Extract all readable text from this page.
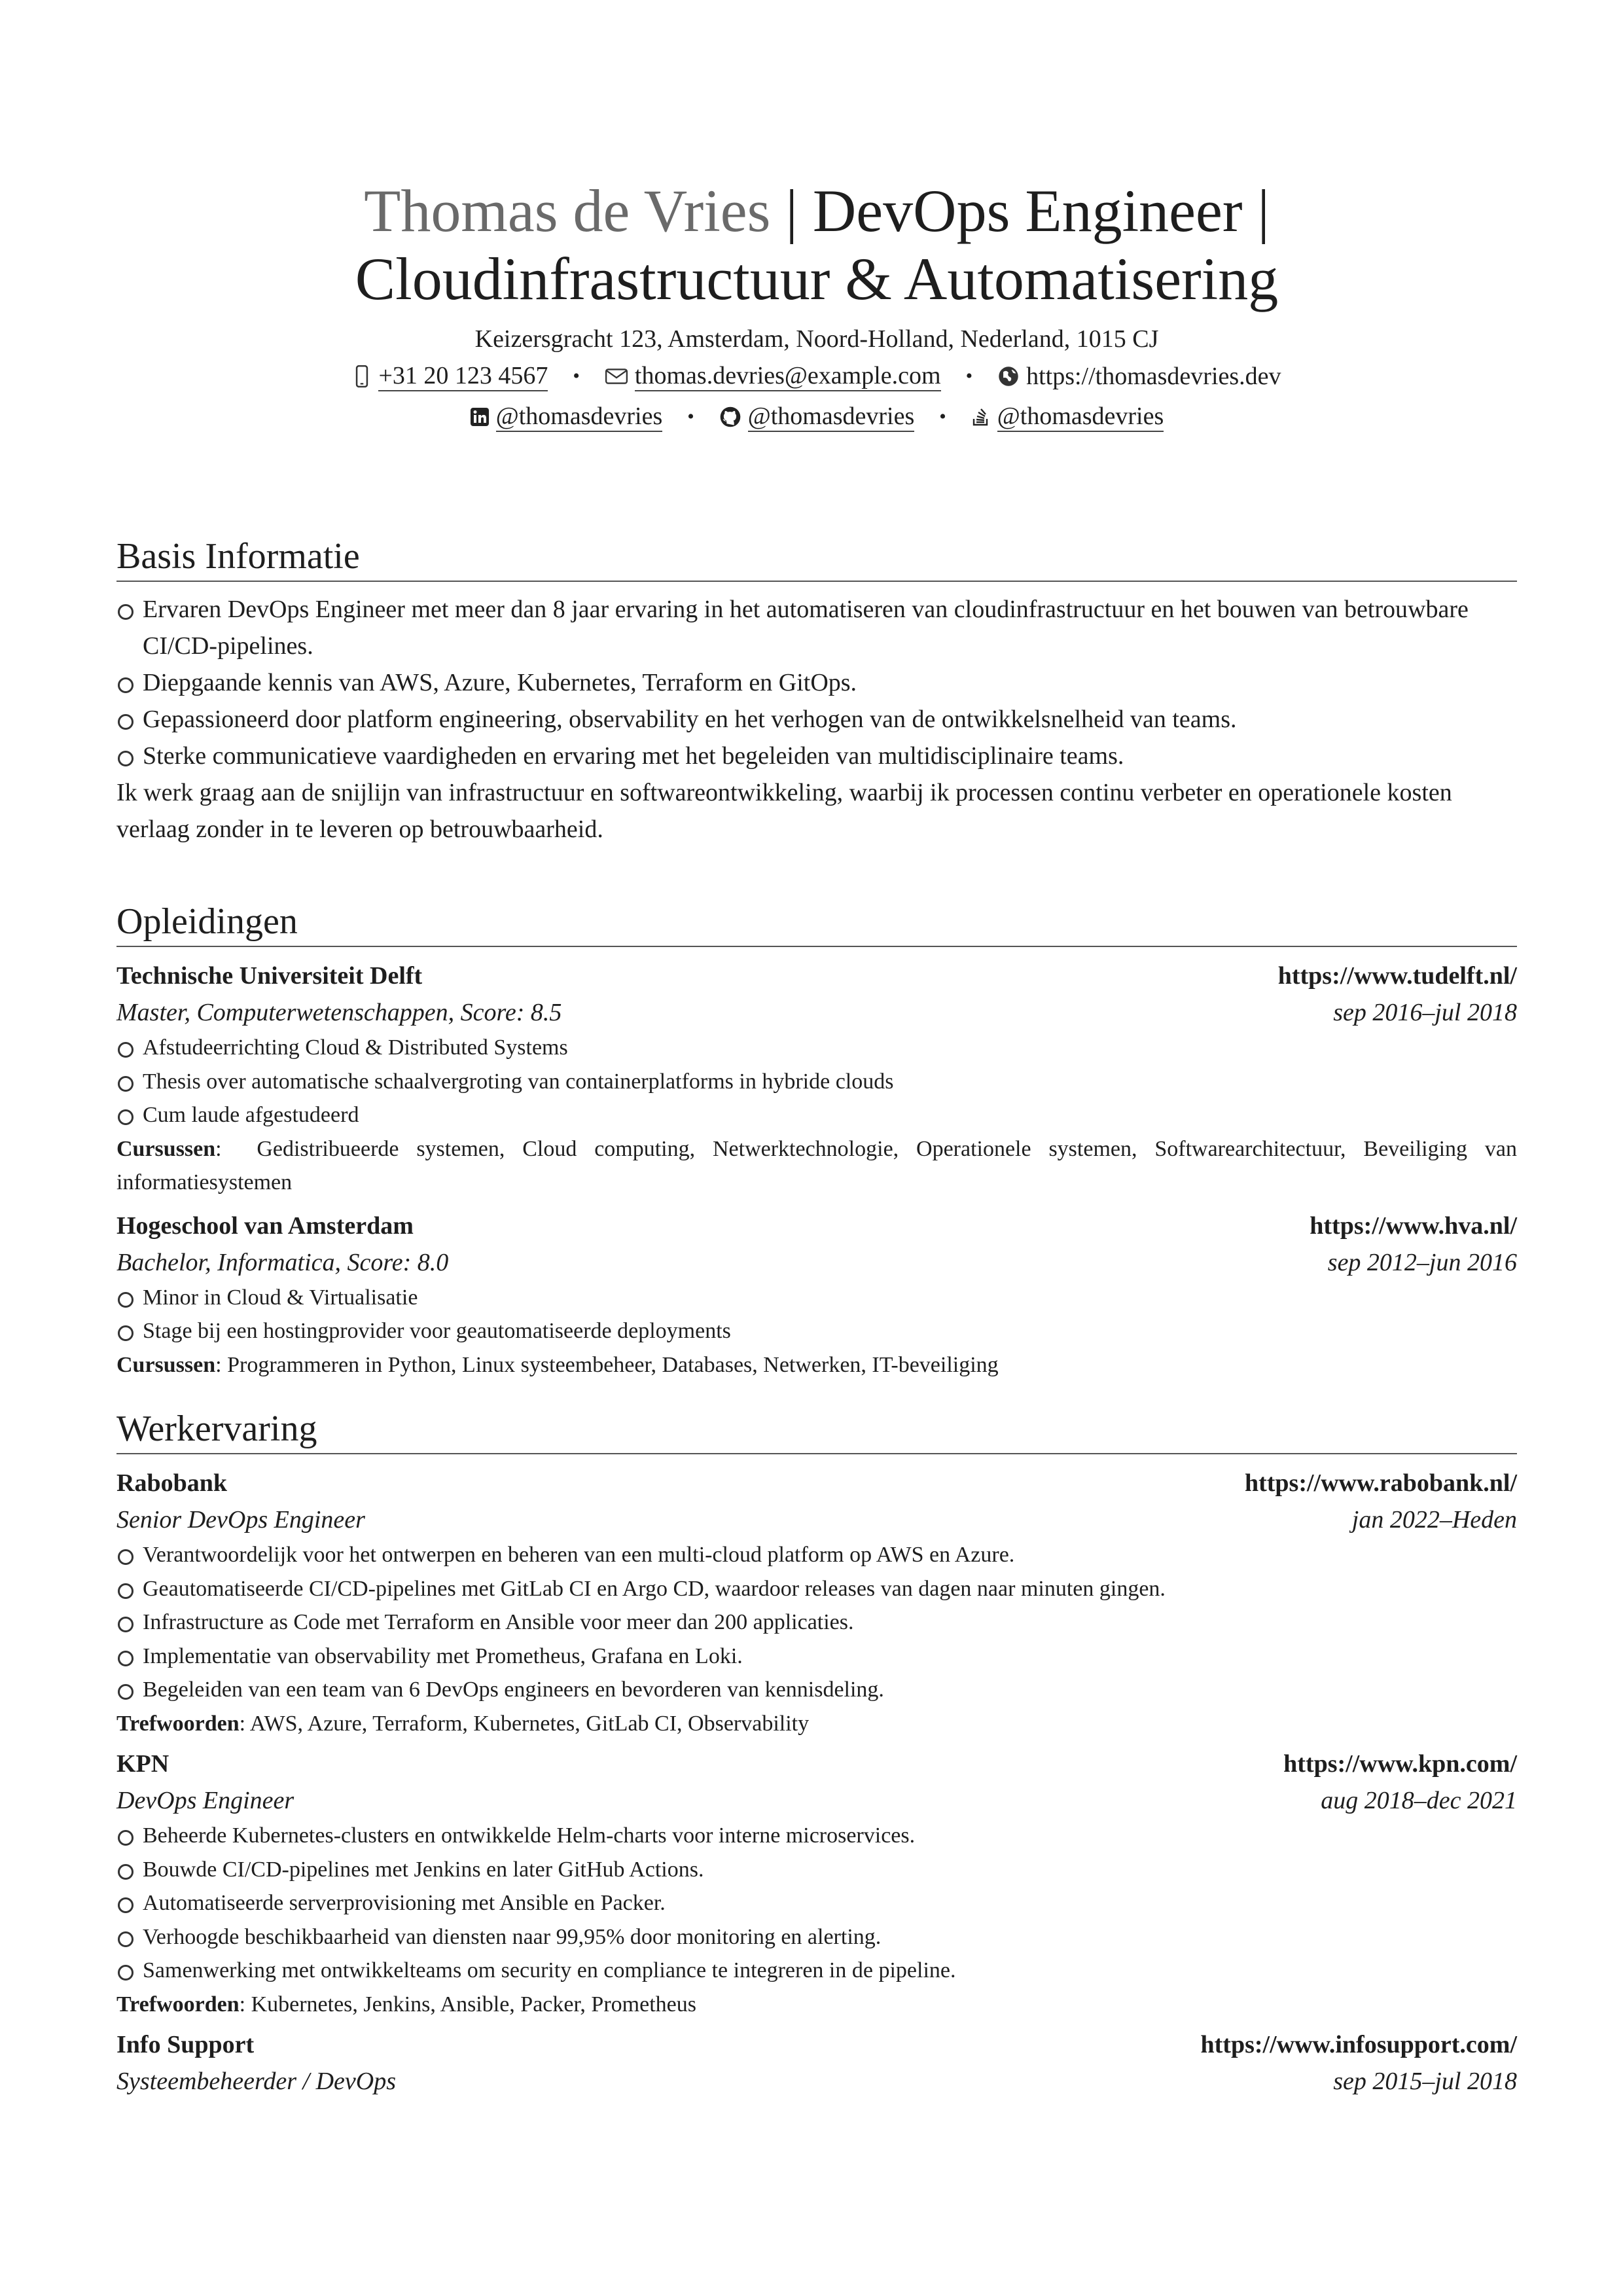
Thomas de Vries | DevOps Engineer |
Cloudinfrastructuur & Automatisering
Keizersgracht 123, Amsterdam, Noord-Holland, Nederland, 1015 CJ
+31 20 123 4567 • thomas.devries@example.com • https://thomasdevries.dev
@thomasdevries • @thomasdevries • @thomasdevries
Basis Informatie
Ervaren DevOps Engineer met meer dan 8 jaar ervaring in het automatiseren van cloudinfrastructuur en het bouwen van betrouwbare CI/CD-pipelines.
Diepgaande kennis van AWS, Azure, Kubernetes, Terraform en GitOps.
Gepassioneerd door platform engineering, observability en het verhogen van de ontwikkelsnelheid van teams.
Sterke communicatieve vaardigheden en ervaring met het begeleiden van multidisciplinaire teams.
Ik werk graag aan de snijlijn van infrastructuur en softwareontwikkeling, waarbij ik processen continu verbeter en operationele kosten verlaag zonder in te leveren op betrouwbaarheid.
Opleidingen
Technische Universiteit Delft	https://www.tudelft.nl/
Master, Computerwetenschappen, Score: 8.5	sep 2016–jul 2018
Afstudeerrichting Cloud & Distributed Systems
Thesis over automatische schaalvergroting van containerplatforms in hybride clouds
Cum laude afgestudeerd
Cursussen:  Gedistribueerde systemen, Cloud computing, Netwerktechnologie, Operationele systemen, Softwarearchitectuur, Beveiliging van informatiesystemen
Hogeschool van Amsterdam	https://www.hva.nl/
Bachelor, Informatica, Score: 8.0	sep 2012–jun 2016
Minor in Cloud & Virtualisatie
Stage bij een hostingprovider voor geautomatiseerde deployments
Cursussen: Programmeren in Python, Linux systeembeheer, Databases, Netwerken, IT-beveiliging
Werkervaring
Rabobank	https://www.rabobank.nl/
Senior DevOps Engineer	jan 2022–Heden
Verantwoordelijk voor het ontwerpen en beheren van een multi-cloud platform op AWS en Azure.
Geautomatiseerde CI/CD-pipelines met GitLab CI en Argo CD, waardoor releases van dagen naar minuten gingen.
Infrastructure as Code met Terraform en Ansible voor meer dan 200 applicaties.
Implementatie van observability met Prometheus, Grafana en Loki.
Begeleiden van een team van 6 DevOps engineers en bevorderen van kennisdeling.
Trefwoorden: AWS, Azure, Terraform, Kubernetes, GitLab CI, Observability
KPN	https://www.kpn.com/
DevOps Engineer	aug 2018–dec 2021
Beheerde Kubernetes-clusters en ontwikkelde Helm-charts voor interne microservices.
Bouwde CI/CD-pipelines met Jenkins en later GitHub Actions.
Automatiseerde serverprovisioning met Ansible en Packer.
Verhoogde beschikbaarheid van diensten naar 99,95% door monitoring en alerting.
Samenwerking met ontwikkelteams om security en compliance te integreren in de pipeline.
Trefwoorden: Kubernetes, Jenkins, Ansible, Packer, Prometheus
Info Support	https://www.infosupport.com/
Systeembeheerder / DevOps	sep 2015–jul 2018
